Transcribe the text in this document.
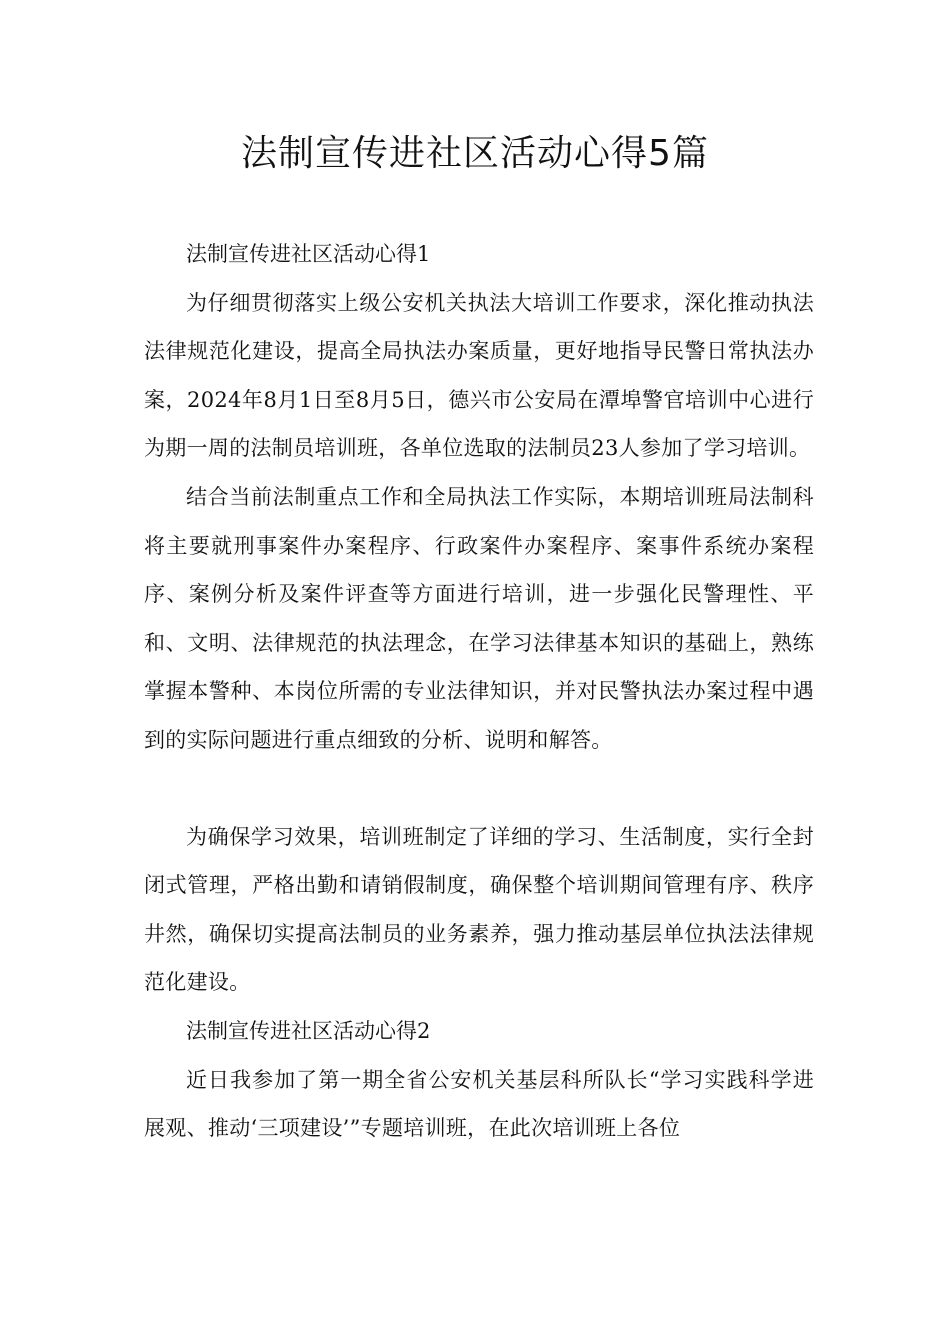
法制宣传进社区活动心得5篇

法制宣传进社区活动心得1

为仔细贯彻落实上级公安机关执法大培训工作要求，深化推动执法法律规范化建设，提高全局执法办案质量，更好地指导民警日常执法办案，2024年8月1日至8月5日，德兴市公安局在潭埠警官培训中心进行为期一周的法制员培训班，各单位选取的法制员23人参加了学习培训。

结合当前法制重点工作和全局执法工作实际，本期培训班局法制科将主要就刑事案件办案程序、行政案件办案程序、案事件系统办案程序、案例分析及案件评查等方面进行培训，进一步强化民警理性、平和、文明、法律规范的执法理念，在学习法律基本知识的基础上，熟练掌握本警种、本岗位所需的专业法律知识，并对民警执法办案过程中遇到的实际问题进行重点细致的分析、说明和解答。

为确保学习效果，培训班制定了详细的学习、生活制度，实行全封闭式管理，严格出勤和请销假制度，确保整个培训期间管理有序、秩序井然，确保切实提高法制员的业务素养，强力推动基层单位执法法律规范化建设。

法制宣传进社区活动心得2

近日我参加了第一期全省公安机关基层科所队长“学习实践科学进展观、推动‘三项建设’”专题培训班，在此次培训班上各位
